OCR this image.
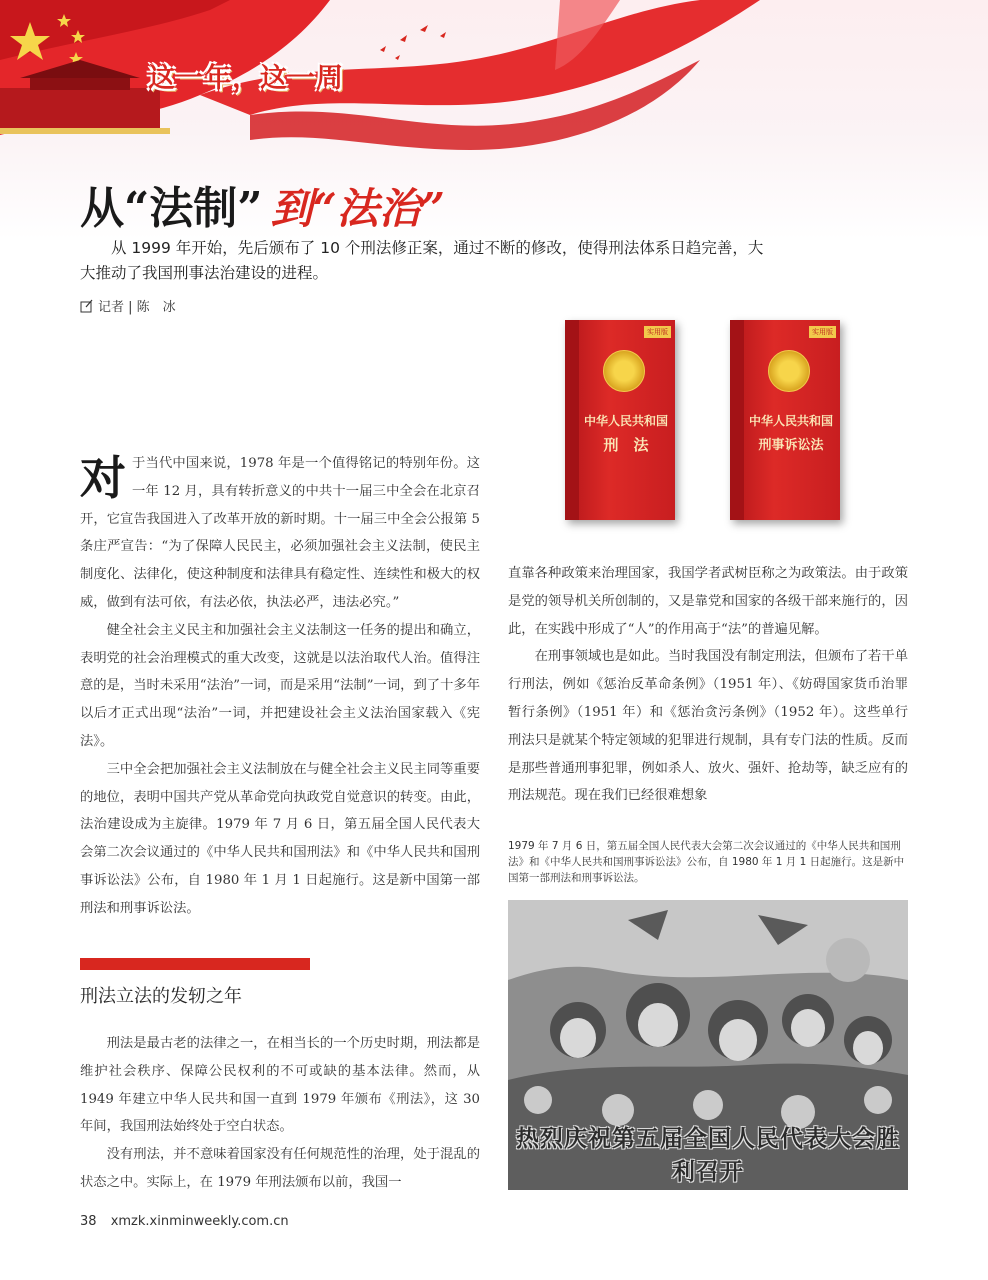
这一年，这一周
从“法制” 到“法治”

从 1999 年开始，先后颁布了 10 个刑法修正案，通过不断的修改，使得刑法体系日趋完善，大大推动了我国刑事法治建设的进程。

记者 | 陈　冰
实用版
中华人民共和国
刑　法
实用版
中华人民共和国
刑事诉讼法

对于当代中国来说，1978 年是一个值得铭记的特别年份。这一年 12 月，具有转折意义的中共十一届三中全会在北京召开，它宣告我国进入了改革开放的新时期。十一届三中全会公报第 5 条庄严宣告：“为了保障人民民主，必须加强社会主义法制，使民主制度化、法律化，使这种制度和法律具有稳定性、连续性和极大的权威，做到有法可依，有法必依，执法必严，违法必究。”

健全社会主义民主和加强社会主义法制这一任务的提出和确立，表明党的社会治理模式的重大改变，这就是以法治取代人治。值得注意的是，当时未采用“法治”一词，而是采用“法制”一词，到了十多年以后才正式出现“法治”一词，并把建设社会主义法治国家载入《宪法》。

三中全会把加强社会主义法制放在与健全社会主义民主同等重要的地位，表明中国共产党从革命党向执政党自觉意识的转变。由此，法治建设成为主旋律。1979 年 7 月 6 日，第五届全国人民代表大会第二次会议通过的《中华人民共和国刑法》和《中华人民共和国刑事诉讼法》公布，自 1980 年 1 月 1 日起施行。这是新中国第一部刑法和刑事诉讼法。

刑法立法的发轫之年

刑法是最古老的法律之一，在相当长的一个历史时期，刑法都是维护社会秩序、保障公民权利的不可或缺的基本法律。然而，从 1949 年建立中华人民共和国一直到 1979 年颁布《刑法》，这 30 年间，我国刑法始终处于空白状态。

没有刑法，并不意味着国家没有任何规范性的治理，处于混乱的状态之中。实际上，在 1979 年刑法颁布以前，我国一

直靠各种政策来治理国家，我国学者武树臣称之为政策法。由于政策是党的领导机关所创制的，又是靠党和国家的各级干部来施行的，因此，在实践中形成了“人”的作用高于“法”的普遍见解。

在刑事领域也是如此。当时我国没有制定刑法，但颁布了若干单行刑法，例如《惩治反革命条例》（1951 年）、《妨碍国家货币治罪暂行条例》（1951 年）和《惩治贪污条例》（1952 年）。这些单行刑法只是就某个特定领域的犯罪进行规制，具有专门法的性质。反而是那些普通刑事犯罪，例如杀人、放火、强奸、抢劫等，缺乏应有的刑法规范。现在我们已经很难想象

1979 年 7 月 6 日，第五届全国人民代表大会第二次会议通过的《中华人民共和国刑法》和《中华人民共和国刑事诉讼法》公布，自 1980 年 1 月 1 日起施行。这是新中国第一部刑法和刑事诉讼法。

热烈庆祝第五届全国人民代表大会胜利召开
38 xmzk.xinminweekly.com.cn
